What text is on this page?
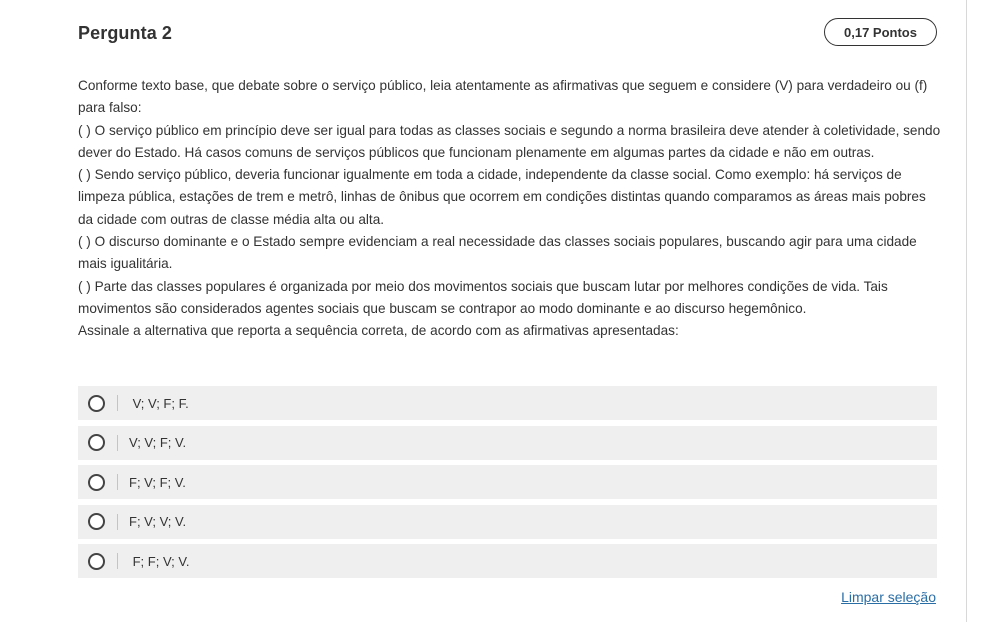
Pergunta 2	0,17 Pontos

Conforme texto base, que debate sobre o serviço público, leia atentamente as afirmativas que seguem e considere (V) para verdadeiro ou (f) para falso:

( ) O serviço público em princípio deve ser igual para todas as classes sociais e segundo a norma brasileira deve atender à coletividade, sendo dever do Estado. Há casos comuns de serviços públicos que funcionam plenamente em algumas partes da cidade e não em outras.

( ) Sendo serviço público, deveria funcionar igualmente em toda a cidade, independente da classe social. Como exemplo: há serviços de limpeza pública, estações de trem e metrô, linhas de ônibus que ocorrem em condições distintas quando comparamos as áreas mais pobres da cidade com outras de classe média alta ou alta.

( ) O discurso dominante e o Estado sempre evidenciam a real necessidade das classes sociais populares, buscando agir para uma cidade mais igualitária.

( ) Parte das classes populares é organizada por meio dos movimentos sociais que buscam lutar por melhores condições de vida. Tais movimentos são considerados agentes sociais que buscam se contrapor ao modo dominante e ao discurso hegemônico.

Assinale a alternativa que reporta a sequência correta, de acordo com as afirmativas apresentadas:

V; V; F; F.
V; V; F; V.
F; V; F; V.
F; V; V; V.
F; F; V; V.
Limpar seleção
